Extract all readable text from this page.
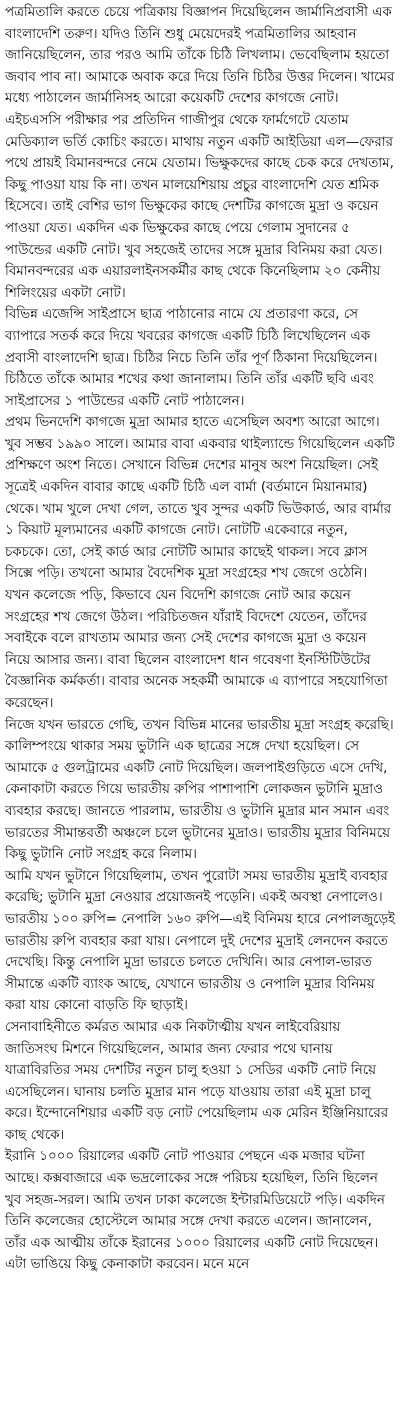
পত্রমিতালি করতে চেয়ে পত্রিকায় বিজ্ঞাপন দিয়েছিলেন জার্মানিপ্রবাসী এক বাংলাদেশি তরুণ। যদিও তিনি শুধু মেয়েদেরই পত্রমিতালির আহবান জানিয়েছিলেন, তার পরও আমি তাঁকে চিঠি লিখলাম। ভেবেছিলাম হয়তো জবাব পাব না। আমাকে অবাক করে দিয়ে তিনি চিঠির উত্তর দিলেন। খামের মধ্যে পাঠালেন জার্মানিসহ আরো কয়েকটি দেশের কাগজে নোট।

এইচএসসি পরীক্ষার পর প্রতিদিন গাজীপুর থেকে ফার্মগেটে যেতাম মেডিক্যাল ভর্তি কোচিং করতে। মাথায় নতুন একটি আইডিয়া এল—ফেরার পথে প্রায়ই বিমানবন্দরে নেমে যেতাম। ভিক্ষুকদের কাছে চেক করে দেখতাম, কিছু পাওয়া যায় কি না। তখন মালয়েশিয়ায় প্রচুর বাংলাদেশি যেত শ্রমিক হিসেবে। তাই বেশির ভাগ ভিক্ষুকের কাছে দেশটির কাগজে মুদ্রা ও কয়েন পাওয়া যেত। একদিন এক ভিক্ষুকের কাছে পেয়ে গেলাম সুদানের ৫ পাউন্ডের একটি নোট। খুব সহজেই তাদের সঙ্গে মুদ্রার বিনিময় করা যেত। বিমানবন্দরের এক এয়ারলাইনসকর্মীর কাছ থেকে কিনেছিলাম ২০ কেনীয় শিলিংয়ের একটা নোট।

বিভিন্ন এজেন্সি সাইপ্রাসে ছাত্র পাঠানোর নামে যে প্রতারণা করে, সে ব্যাপারে সতর্ক করে দিয়ে খবরের কাগজে একটি চিঠি লিখেছিলেন এক প্রবাসী বাংলাদেশি ছাত্র। চিঠির নিচে তিনি তাঁর পূর্ণ ঠিকানা দিয়েছিলেন। চিঠিতে তাঁকে আমার শখের কথা জানালাম। তিনি তাঁর একটি ছবি এবং সাইপ্রাসের ১ পাউন্ডের একটি নোট পাঠালেন।

প্রথম ভিনদেশি কাগজে মুদ্রা আমার হাতে এসেছিল অবশ্য আরো আগে। খুব সম্ভব ১৯৯০ সালে। আমার বাবা একবার থাইল্যান্ডে গিয়েছিলেন একটি প্রশিক্ষণে অংশ নিতে। সেখানে বিভিন্ন দেশের মানুষ অংশ নিয়েছিল। সেই সূত্রেই একদিন বাবার কাছে একটি চিঠি এল বার্মা (বর্তমানে মিয়ানমার) থেকে। খাম খুলে দেখা গেল, তাতে খুব সুন্দর একটি ভিউকার্ড, আর বার্মার ১ কিয়াট মূল্যমানের একটি কাগজে নোট। নোটটি একেবারে নতুন, চকচকে। তো, সেই কার্ড আর নোটটি আমার কাছেই থাকল। সবে ক্লাস সিক্সে পড়ি। তখনো আমার বৈদেশিক মুদ্রা সংগ্রহের শখ জেগে ওঠেনি।

যখন কলেজে পড়ি, কিভাবে যেন বিদেশি কাগজে নোট আর কয়েন সংগ্রহের শখ জেগে উঠল। পরিচিতজন যাঁরাই বিদেশে যেতেন, তাঁদের সবাইকে বলে রাখতাম আমার জন্য সেই দেশের কাগজে মুদ্রা ও কয়েন নিয়ে আসার জন্য। বাবা ছিলেন বাংলাদেশ ধান গবেষণা ইনস্টিটিউটের বৈজ্ঞানিক কর্মকর্তা। বাবার অনেক সহকর্মী আমাকে এ ব্যাপারে সহযোগিতা করেছেন।

নিজে যখন ভারতে গেছি, তখন বিভিন্ন মানের ভারতীয় মুদ্রা সংগ্রহ করেছি। কালিম্পংয়ে থাকার সময় ভুটানি এক ছাত্রের সঙ্গে দেখা হয়েছিল। সে আমাকে ৫ গুলট্রামের একটি নোট দিয়েছিল। জলপাইগুড়িতে এসে দেখি, কেনাকাটা করতে গিয়ে ভারতীয় রুপির পাশাপাশি লোকজন ভুটানি মুদ্রাও ব্যবহার করছে। জানতে পারলাম, ভারতীয় ও ভুটানি মুদ্রার মান সমান এবং ভারতের সীমান্তবর্তী অঞ্চলে চলে ভুটানের মুদ্রাও। ভারতীয় মুদ্রার বিনিময়ে কিছু ভুটানি নোট সংগ্রহ করে নিলাম।

আমি যখন ভুটানে গিয়েছিলাম, তখন পুরোটা সময় ভারতীয় মুদ্রাই ব্যবহার করেছি; ভুটানি মুদ্রা নেওয়ার প্রয়োজনই পড়েনি। একই অবস্থা নেপালেও। ভারতীয় ১০০ রুপি= নেপালি ১৬০ রুপি—এই বিনিময় হারে নেপালজুড়েই ভারতীয় রুপি ব্যবহার করা যায়। নেপালে দুই দেশের মুদ্রাই লেনদেন করতে দেখেছি। কিন্তু নেপালি মুদ্রা ভারতে চলতে দেখিনি। আর নেপাল-ভারত সীমান্তে একটি ব্যাংক আছে, যেখানে ভারতীয় ও নেপালি মুদ্রার বিনিময় করা যায় কোনো বাড়তি ফি ছাড়াই।

সেনাবাহিনীতে কর্মরত আমার এক নিকটাত্মীয় যখন লাইবেরিয়ায় জাতিসংঘ মিশনে গিয়েছিলেন, আমার জন্য ফেরার পথে ঘানায় যাত্রাবিরতির সময় দেশটির নতুন চালু হওয়া ১ সেডির একটি নোট নিয়ে এসেছিলেন। ঘানায় চলতি মুদ্রার মান পড়ে যাওয়ায় তারা এই মুদ্রা চালু করে। ইন্দোনেশিয়ার একটি বড় নোট পেয়েছিলাম এক মেরিন ইঞ্জিনিয়ারের কাছ থেকে।

ইরানি ১০০০ রিয়ালের একটি নোট পাওয়ার পেছনে এক মজার ঘটনা আছে। কক্সবাজারে এক ভদ্রলোকের সঙ্গে পরিচয় হয়েছিল, তিনি ছিলেন খুব সহজ-সরল। আমি তখন ঢাকা কলেজে ইন্টারমিডিয়েটে পড়ি। একদিন তিনি কলেজের হোস্টেলে আমার সঙ্গে দেখা করতে এলেন। জানালেন, তাঁর এক আত্মীয় তাঁকে ইরানের ১০০০ রিয়ালের একটি নোট দিয়েছেন। এটা ভাঙিয়ে কিছু কেনাকাটা করবেন। মনে মনে
